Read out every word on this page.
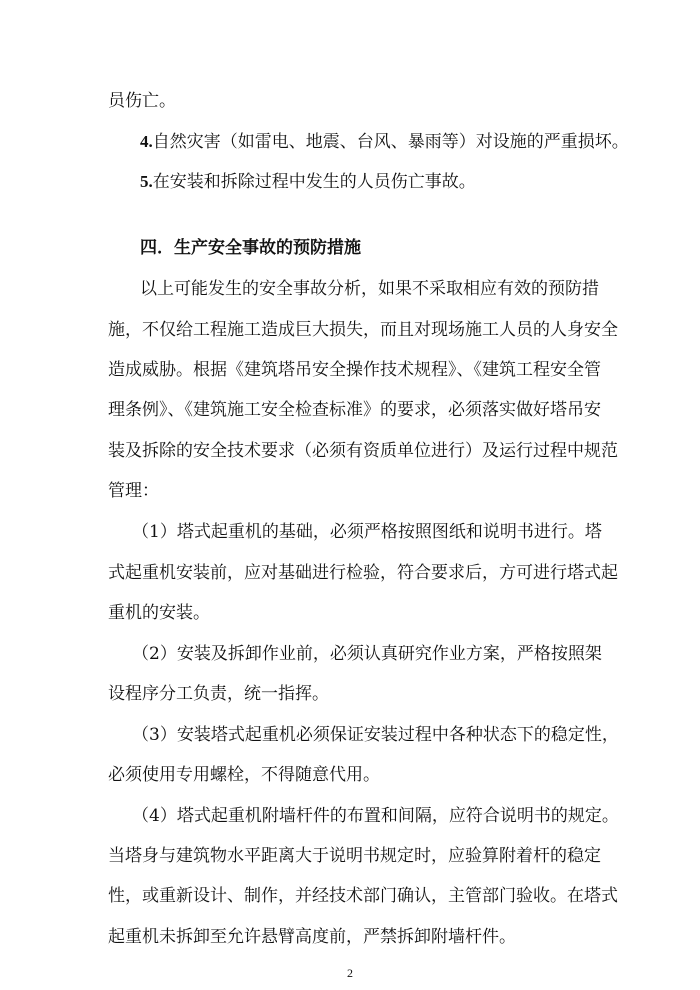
员伤亡。
4.自然灾害（如雷电、地震、台风、暴雨等）对设施的严重损坏。
5.在安装和拆除过程中发生的人员伤亡事故。
四．生产安全事故的预防措施
以上可能发生的安全事故分析，如果不采取相应有效的预防措
施，不仅给工程施工造成巨大损失，而且对现场施工人员的人身安全
造成威胁。根据《建筑塔吊安全操作技术规程》、《建筑工程安全管
理条例》、《建筑施工安全检查标准》的要求，必须落实做好塔吊安
装及拆除的安全技术要求（必须有资质单位进行）及运行过程中规范
管理：
（1）塔式起重机的基础，必须严格按照图纸和说明书进行。塔
式起重机安装前，应对基础进行检验，符合要求后，方可进行塔式起
重机的安装。
（2）安装及拆卸作业前，必须认真研究作业方案，严格按照架
设程序分工负责，统一指挥。
（3）安装塔式起重机必须保证安装过程中各种状态下的稳定性，
必须使用专用螺栓，不得随意代用。
（4）塔式起重机附墙杆件的布置和间隔，应符合说明书的规定。
当塔身与建筑物水平距离大于说明书规定时，应验算附着杆的稳定
性，或重新设计、制作，并经技术部门确认，主管部门验收。在塔式
起重机未拆卸至允许悬臂高度前，严禁拆卸附墙杆件。
2
